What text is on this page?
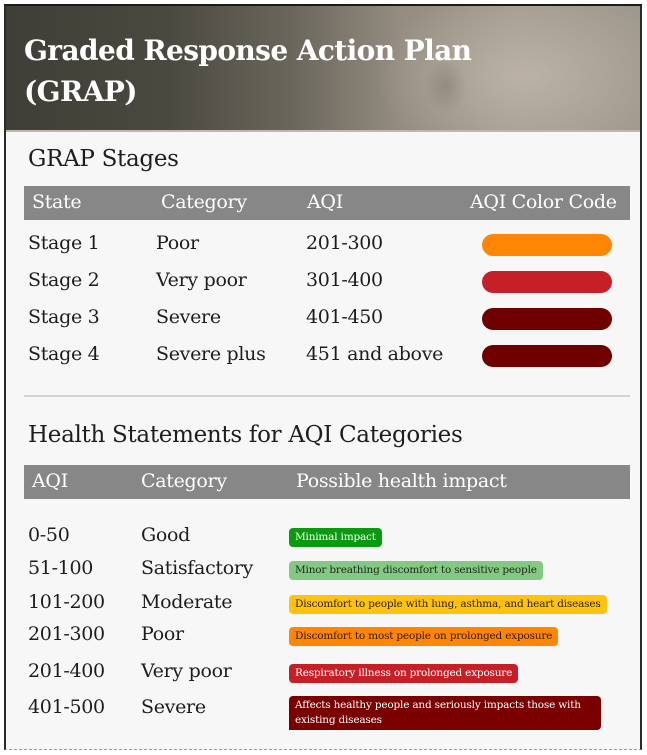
Graded Response Action Plan (GRAP)
GRAP Stages
State	Category	AQI	AQI Color Code
Stage 1	Poor	201-300
Stage 2	Very poor	301-400
Stage 3	Severe	401-450
Stage 4	Severe plus 451 and above
Health Statements for AQI Categories
AQI	Category	Possible health impact
0-50	Good	Minimal impact
51-100	Satisfactory	Minor breathing discomfort to sensitive people
101-200 Moderate	Discomfort to people with lung, asthma, and heart diseases
201-300 Poor	Discomfort to most people on prolonged exposure
201-400 Very poor	Respiratory illness on prolonged exposure
401-500 Severe	Affects healthy people and seriously impacts those with existing diseases
